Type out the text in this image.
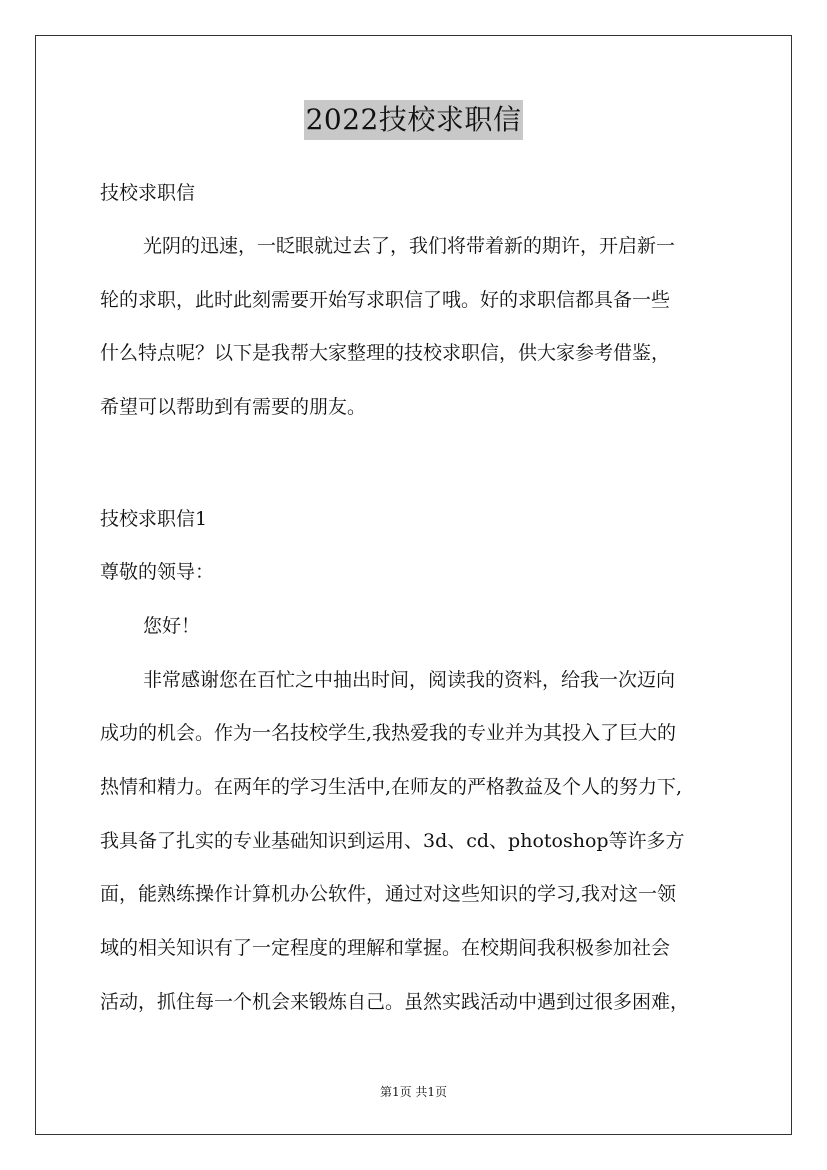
2022技校求职信
技校求职信
光阴的迅速，一眨眼就过去了，我们将带着新的期许，开启新一
轮的求职，此时此刻需要开始写求职信了哦。好的求职信都具备一些
什么特点呢？以下是我帮大家整理的技校求职信，供大家参考借鉴，
希望可以帮助到有需要的朋友。
技校求职信1
尊敬的领导：
您好！
非常感谢您在百忙之中抽出时间，阅读我的资料，给我一次迈向
成功的机会。作为一名技校学生,我热爱我的专业并为其投入了巨大的
热情和精力。在两年的学习生活中,在师友的严格教益及个人的努力下,
我具备了扎实的专业基础知识到运用、3d、cd、photoshop等许多方
面，能熟练操作计算机办公软件，通过对这些知识的学习,我对这一领
域的相关知识有了一定程度的理解和掌握。在校期间我积极参加社会
活动，抓住每一个机会来锻炼自己。虽然实践活动中遇到过很多困难，
第1页 共1页
